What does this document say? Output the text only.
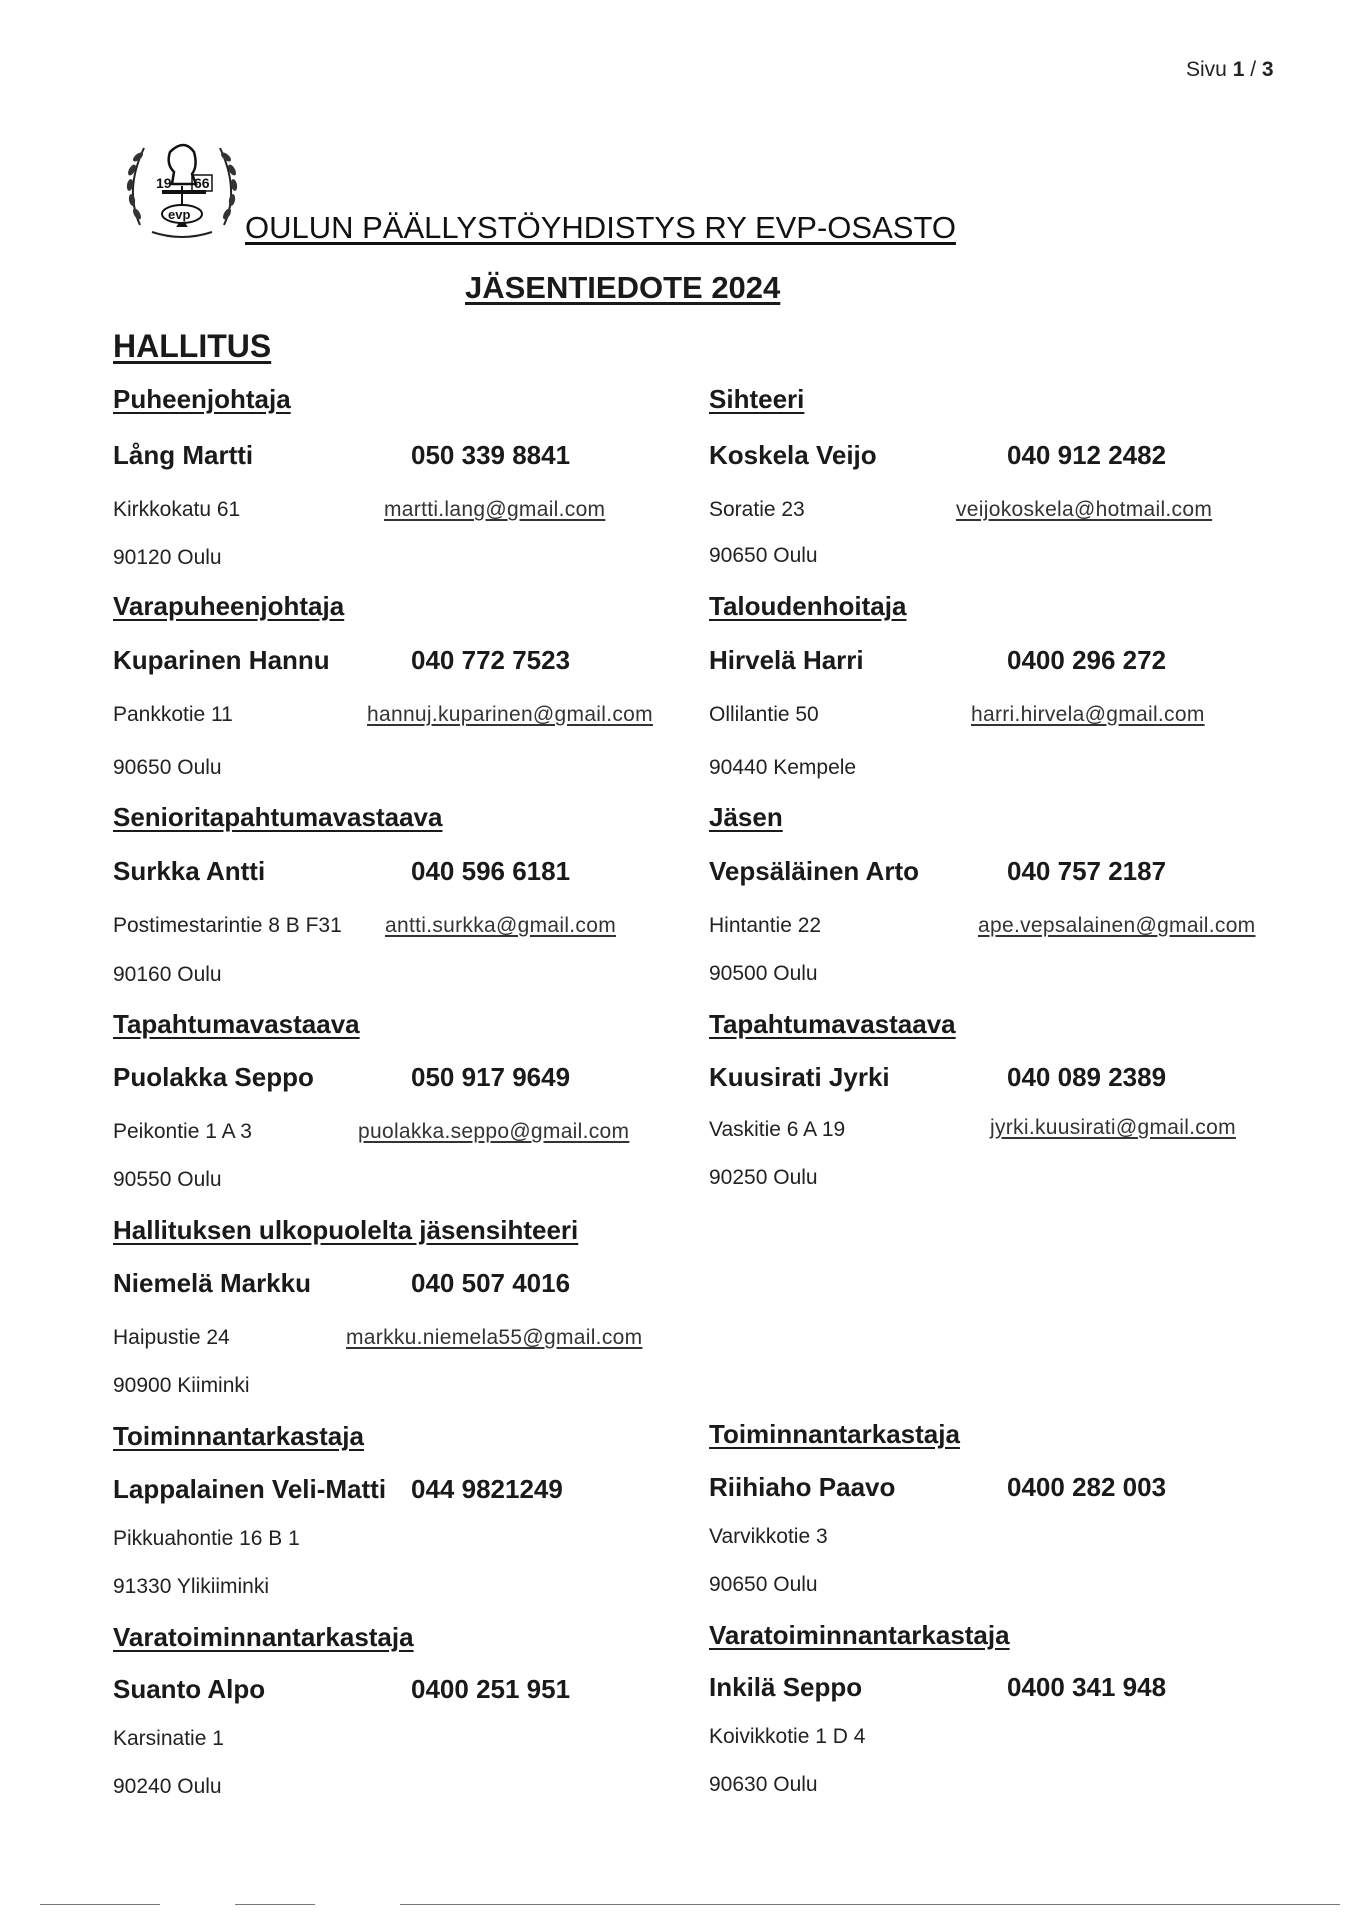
Sivu 1 / 3
19 66
evp OULUN PÄÄLLYSTÖYHDISTYS RY EVP-OSASTO
JÄSENTIEDOTE 2024
HALLITUS
Puheenjohtaja
Lång Martti	050 339 8841
Kirkkokatu 61	martti.lang@gmail.com
90120 Oulu
Sihteeri
Koskela Veijo	040 912 2482
Soratie 23	veijokoskela@hotmail.com
90650 Oulu
Varapuheenjohtaja
Kuparinen Hannu	040 772 7523
Pankkotie 11	hannuj.kuparinen@gmail.com
90650 Oulu
Taloudenhoitaja
Hirvelä Harri	0400 296 272
Ollilantie 50	harri.hirvela@gmail.com
90440 Kempele
Senioritapahtumavastaava
Surkka Antti	040 596 6181
Postimestarintie 8 B F31 antti.surkka@gmail.com
90160 Oulu
Jäsen
Vepsäläinen Arto	040 757 2187
Hintantie 22	ape.vepsalainen@gmail.com
90500 Oulu
Tapahtumavastaava
Puolakka Seppo	050 917 9649
Peikontie 1 A 3	puolakka.seppo@gmail.com
90550 Oulu
Tapahtumavastaava
Kuusirati Jyrki	040 089 2389
Vaskitie 6 A 19	jyrki.kuusirati@gmail.com
90250 Oulu
Hallituksen ulkopuolelta jäsensihteeri
Niemelä Markku	040 507 4016
Haipustie 24	markku.niemela55@gmail.com
90900 Kiiminki
Toiminnantarkastaja
Lappalainen Veli-Matti 044 9821249
Pikkuahontie 16 B 1
91330 Ylikiiminki
Toiminnantarkastaja
Riihiaho Paavo	0400 282 003
Varvikkotie 3
90650 Oulu
Varatoiminnantarkastaja
Suanto Alpo	0400 251 951
Karsinatie 1
90240 Oulu
Varatoiminnantarkastaja
Inkilä Seppo	0400 341 948
Koivikkotie 1 D 4
90630 Oulu
